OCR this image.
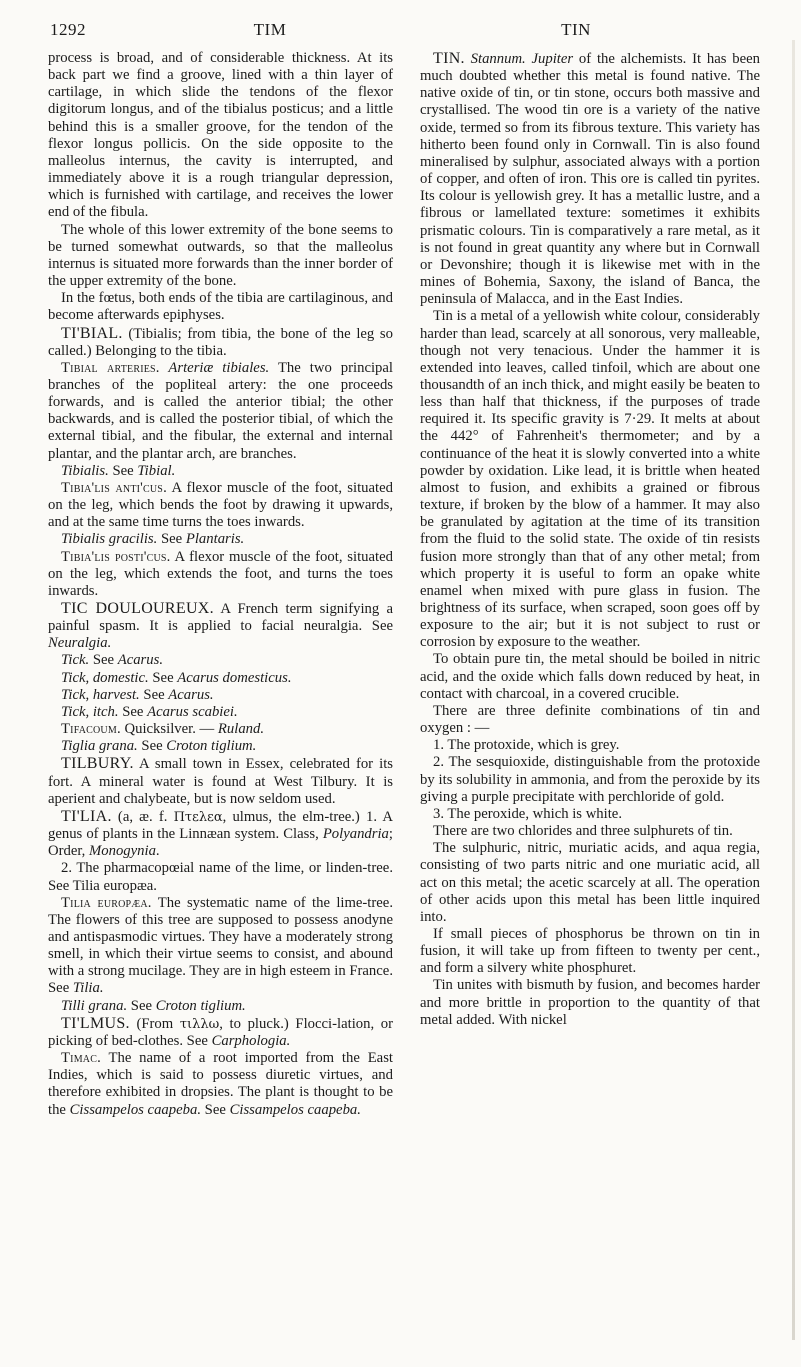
1292	TIM	TIN

process is broad, and of considerable thickness. At its back part we find a groove, lined with a thin layer of cartilage, in which slide the tendons of the flexor digitorum longus, and of the tibialus posticus; and a little behind this is a smaller groove, for the tendon of the flexor longus pollicis. On the side opposite to the malleolus internus, the cavity is interrupted, and immediately above it is a rough triangular depression, which is furnished with cartilage, and receives the lower end of the fibula.

The whole of this lower extremity of the bone seems to be turned somewhat outwards, so that the malleolus internus is situated more forwards than the inner border of the upper extremity of the bone.

In the fœtus, both ends of the tibia are cartilaginous, and become afterwards epiphyses.

TI'BIAL. (Tibialis; from tibia, the bone of the leg so called.) Belonging to the tibia.

Tibial arteries. Arteriæ tibiales. The two principal branches of the popliteal artery: the one proceeds forwards, and is called the anterior tibial; the other backwards, and is called the posterior tibial, of which the external tibial, and the fibular, the external and internal plantar, and the plantar arch, are branches.

Tibialis. See Tibial.

Tibia'lis anti'cus. A flexor muscle of the foot, situated on the leg, which bends the foot by drawing it upwards, and at the same time turns the toes inwards.

Tibialis gracilis. See Plantaris.

Tibia'lis posti'cus. A flexor muscle of the foot, situated on the leg, which extends the foot, and turns the toes inwards.

TIC DOULOUREUX. A French term signifying a painful spasm. It is applied to facial neuralgia. See Neuralgia.

Tick. See Acarus.

Tick, domestic. See Acarus domesticus.

Tick, harvest. See Acarus.

Tick, itch. See Acarus scabiei.

Tifacoum. Quicksilver. — Ruland.

Tiglia grana. See Croton tiglium.

TILBURY. A small town in Essex, celebrated for its fort. A mineral water is found at West Tilbury. It is aperient and chalybeate, but is now seldom used.

TI'LIA. (a, æ. f. Πτελεα, ulmus, the elm-tree.) 1. A genus of plants in the Linnæan system. Class, Polyandria; Order, Monogynia.

2. The pharmacopœial name of the lime, or linden-tree. See Tilia europæa.

Tilia europæa. The systematic name of the lime-tree. The flowers of this tree are supposed to possess anodyne and antispasmodic virtues. They have a moderately strong smell, in which their virtue seems to consist, and abound with a strong mucilage. They are in high esteem in France. See Tilia.

Tilli grana. See Croton tiglium.

TI'LMUS. (From τιλλω, to pluck.) Flocci-lation, or picking of bed-clothes. See Carphologia.

Timac. The name of a root imported from the East Indies, which is said to possess diuretic virtues, and therefore exhibited in dropsies. The plant is thought to be the Cissampelos caapeba. See Cissampelos caapeba.

TIN. Stannum. Jupiter of the alchemists. It has been much doubted whether this metal is found native. The native oxide of tin, or tin stone, occurs both massive and crystallised. The wood tin ore is a variety of the native oxide, termed so from its fibrous texture. This variety has hitherto been found only in Cornwall. Tin is also found mineralised by sulphur, associated always with a portion of copper, and often of iron. This ore is called tin pyrites. Its colour is yellowish grey. It has a metallic lustre, and a fibrous or lamellated texture: sometimes it exhibits prismatic colours. Tin is comparatively a rare metal, as it is not found in great quantity any where but in Cornwall or Devonshire; though it is likewise met with in the mines of Bohemia, Saxony, the island of Banca, the peninsula of Malacca, and in the East Indies.

Tin is a metal of a yellowish white colour, considerably harder than lead, scarcely at all sonorous, very malleable, though not very tenacious. Under the hammer it is extended into leaves, called tinfoil, which are about one thousandth of an inch thick, and might easily be beaten to less than half that thickness, if the purposes of trade required it. Its specific gravity is 7·29. It melts at about the 442° of Fahrenheit's thermometer; and by a continuance of the heat it is slowly converted into a white powder by oxidation. Like lead, it is brittle when heated almost to fusion, and exhibits a grained or fibrous texture, if broken by the blow of a hammer. It may also be granulated by agitation at the time of its transition from the fluid to the solid state. The oxide of tin resists fusion more strongly than that of any other metal; from which property it is useful to form an opake white enamel when mixed with pure glass in fusion. The brightness of its surface, when scraped, soon goes off by exposure to the air; but it is not subject to rust or corrosion by exposure to the weather.

To obtain pure tin, the metal should be boiled in nitric acid, and the oxide which falls down reduced by heat, in contact with charcoal, in a covered crucible.

There are three definite combinations of tin and oxygen : —

1. The protoxide, which is grey.

2. The sesquioxide, distinguishable from the protoxide by its solubility in ammonia, and from the peroxide by its giving a purple precipitate with perchloride of gold.

3. The peroxide, which is white.

There are two chlorides and three sulphurets of tin.

The sulphuric, nitric, muriatic acids, and aqua regia, consisting of two parts nitric and one muriatic acid, all act on this metal; the acetic scarcely at all. The operation of other acids upon this metal has been little inquired into.

If small pieces of phosphorus be thrown on tin in fusion, it will take up from fifteen to twenty per cent., and form a silvery white phosphuret.

Tin unites with bismuth by fusion, and becomes harder and more brittle in proportion to the quantity of that metal added. With nickel
